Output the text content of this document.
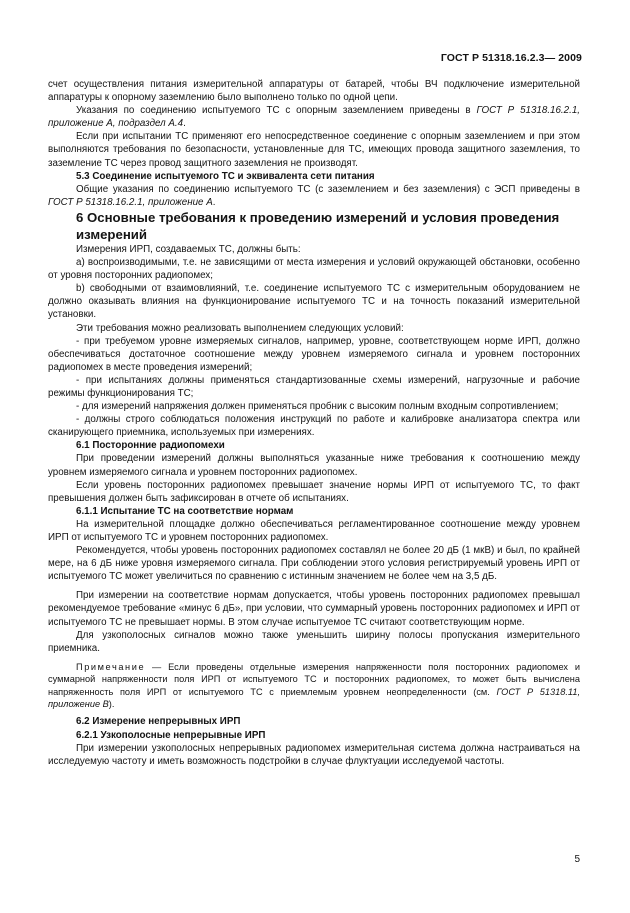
ГОСТ Р 51318.16.2.3— 2009

счет осуществления питания измерительной аппаратуры от батарей, чтобы ВЧ подключение измерительной аппаратуры к опорному заземлению было выполнено только по одной цепи.

Указания по соединению испытуемого ТС с опорным заземлением приведены в ГОСТ Р 51318.16.2.1, приложение А, подраздел А.4.

Если при испытании ТС применяют его непосредственное соединение с опорным заземлением и при этом выполняются требования по безопасности, установленные для ТС, имеющих провода защитного заземления, то заземление ТС через провод защитного заземления не производят.

5.3 Соединение испытуемого ТС и эквивалента сети питания

Общие указания по соединению испытуемого ТС (с заземлением и без заземления) с ЭСП приведены в ГОСТ Р 51318.16.2.1, приложение А.

6 Основные требования к проведению измерений и условия проведения измерений

Измерения ИРП, создаваемых ТС, должны быть:

а) воспроизводимыми, т.е. не зависящими от места измерения и условий окружающей обстановки, особенно от уровня посторонних радиопомех;

b) свободными от взаимовлияний, т.е. соединение испытуемого ТС с измерительным оборудованием не должно оказывать влияния на функционирование испытуемого ТС и на точность показаний измерительной установки.

Эти требования можно реализовать выполнением следующих условий:

- при требуемом уровне измеряемых сигналов, например, уровне, соответствующем норме ИРП, должно обеспечиваться достаточное соотношение между уровнем измеряемого сигнала и уровнем посторонних радиопомех в месте проведения измерений;

- при испытаниях должны применяться стандартизованные схемы измерений, нагрузочные и рабочие режимы функционирования ТС;

- для измерений напряжения должен применяться пробник с высоким полным входным сопротивлением;

- должны строго соблюдаться положения инструкций по работе и калибровке анализатора спектра или сканирующего приемника, используемых при измерениях.

6.1 Посторонние радиопомехи

При проведении измерений должны выполняться указанные ниже требования к соотношению между уровнем измеряемого сигнала и уровнем посторонних радиопомех.

Если уровень посторонних радиопомех превышает значение нормы ИРП от испытуемого ТС, то факт превышения должен быть зафиксирован в отчете об испытаниях.

6.1.1 Испытание ТС на соответствие нормам

На измерительной площадке должно обеспечиваться регламентированное соотношение между уровнем ИРП от испытуемого ТС и уровнем посторонних радиопомех.

Рекомендуется, чтобы уровень посторонних радиопомех составлял не более 20 дБ (1 мкВ) и был, по крайней мере, на 6 дБ ниже уровня измеряемого сигнала. При соблюдении этого условия регистрируемый уровень ИРП от испытуемого ТС может увеличиться по сравнению с истинным значением не более чем на 3,5 дБ.

При измерении на соответствие нормам допускается, чтобы уровень посторонних радиопомех превышал рекомендуемое требование «минус 6 дБ», при условии, что суммарный уровень посторонних радиопомех и ИРП от испытуемого ТС не превышает нормы. В этом случае испытуемое ТС считают соответствующим норме.

Для узкополосных сигналов можно также уменьшить ширину полосы пропускания измерительного приемника.

Примечание — Если проведены отдельные измерения напряженности поля посторонних радиопомех и суммарной напряженности поля ИРП от испытуемого ТС и посторонних радиопомех, то может быть вычислена напряженность поля ИРП от испытуемого ТС с приемлемым уровнем неопределенности (см. ГОСТ Р 51318.11, приложение В).

6.2 Измерение непрерывных ИРП

6.2.1 Узкополосные непрерывные ИРП

При измерении узкополосных непрерывных радиопомех измерительная система должна настраиваться на исследуемую частоту и иметь возможность подстройки в случае флуктуации исследуемой частоты.

5
